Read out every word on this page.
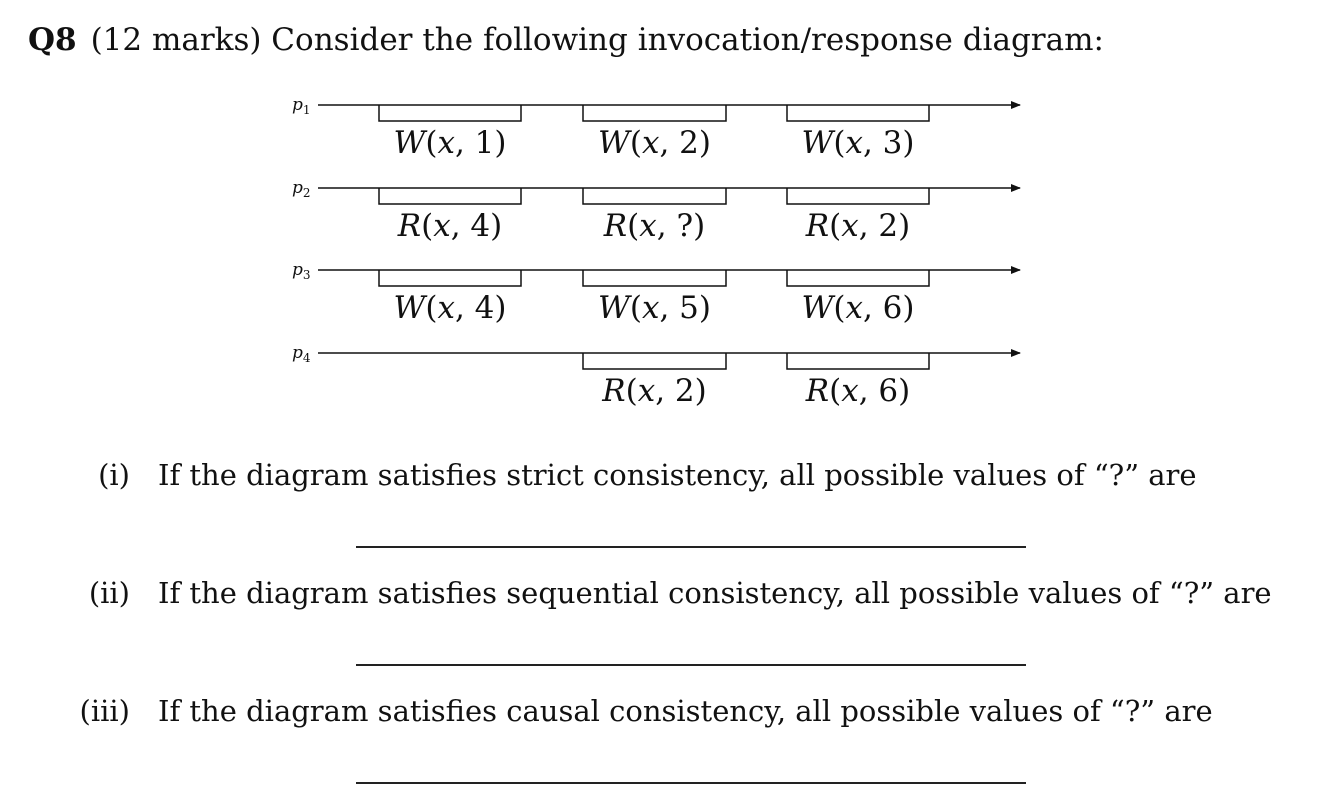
Q8 (12 marks) Consider the following invocation/response diagram:
$p_1$
W(x, 1)	W(x, 2)	W(x, 3)
$p_2$
R(x, 4)	R(x, ?)	R(x, 2)
$p_3$
W(x, 4)	W(x, 5)	W(x, 6)
$p_4$
R(x, 2)	R(x, 6)
(i) If the diagram satisfies strict consistency, all possible values of “?” are
(ii) If the diagram satisfies sequential consistency, all possible values of “?” are
(iii) If the diagram satisfies causal consistency, all possible values of “?” are
